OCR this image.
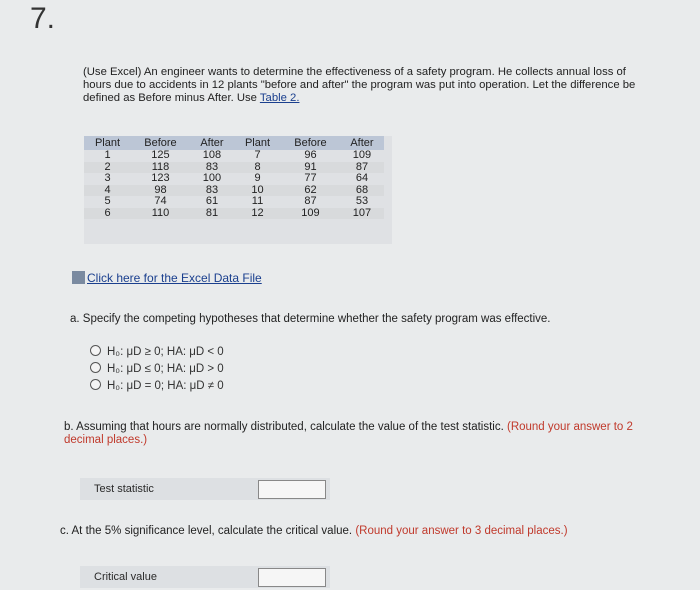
7.
(Use Excel) An engineer wants to determine the effectiveness of a safety program. He collects annual loss of hours due to accidents in 12 plants "before and after" the program was put into operation. Let the difference be defined as Before minus After. Use Table 2.
Plant	Before	After	Plant	Before	After
1	125	108	7	96	109
2	118	83	8	91	87
3	123	100	9	77	64
4	98	83	10	62	68
5	74	61	11	87	53
6	110	81	12	109	107
Click here for the Excel Data File
a. Specify the competing hypotheses that determine whether the safety program was effective.
H₀: μD ≥ 0; HA: μD < 0
H₀: μD ≤ 0; HA: μD > 0
H₀: μD = 0; HA: μD ≠ 0
b. Assuming that hours are normally distributed, calculate the value of the test statistic. (Round your answer to 2 decimal places.)
Test statistic
c. At the 5% significance level, calculate the critical value. (Round your answer to 3 decimal places.)
Critical value
